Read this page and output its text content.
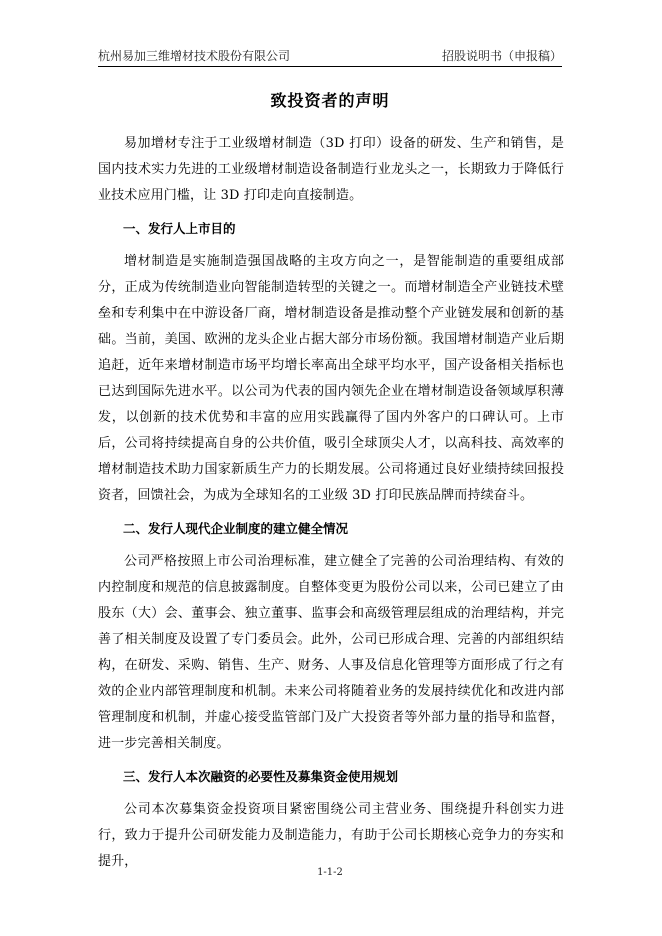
杭州易加三维增材技术股份有限公司	招股说明书（申报稿）
致投资者的声明

易加增材专注于工业级增材制造（3D 打印）设备的研发、生产和销售，是国内技术实力先进的工业级增材制造设备制造行业龙头之一，长期致力于降低行业技术应用门槛，让 3D 打印走向直接制造。

一、发行人上市目的

增材制造是实施制造强国战略的主攻方向之一，是智能制造的重要组成部分，正成为传统制造业向智能制造转型的关键之一。而增材制造全产业链技术壁垒和专利集中在中游设备厂商，增材制造设备是推动整个产业链发展和创新的基础。当前，美国、欧洲的龙头企业占据大部分市场份额。我国增材制造产业后期追赶，近年来增材制造市场平均增长率高出全球平均水平，国产设备相关指标也已达到国际先进水平。以公司为代表的国内领先企业在增材制造设备领域厚积薄发，以创新的技术优势和丰富的应用实践赢得了国内外客户的口碑认可。上市后，公司将持续提高自身的公共价值，吸引全球顶尖人才，以高科技、高效率的增材制造技术助力国家新质生产力的长期发展。公司将通过良好业绩持续回报投资者，回馈社会，为成为全球知名的工业级 3D 打印民族品牌而持续奋斗。

二、发行人现代企业制度的建立健全情况

公司严格按照上市公司治理标准，建立健全了完善的公司治理结构、有效的内控制度和规范的信息披露制度。自整体变更为股份公司以来，公司已建立了由股东（大）会、董事会、独立董事、监事会和高级管理层组成的治理结构，并完善了相关制度及设置了专门委员会。此外，公司已形成合理、完善的内部组织结构，在研发、采购、销售、生产、财务、人事及信息化管理等方面形成了行之有效的企业内部管理制度和机制。未来公司将随着业务的发展持续优化和改进内部管理制度和机制，并虚心接受监管部门及广大投资者等外部力量的指导和监督，进一步完善相关制度。

三、发行人本次融资的必要性及募集资金使用规划

公司本次募集资金投资项目紧密围绕公司主营业务、围绕提升科创实力进行，致力于提升公司研发能力及制造能力，有助于公司长期核心竞争力的夯实和提升，

1-1-2
